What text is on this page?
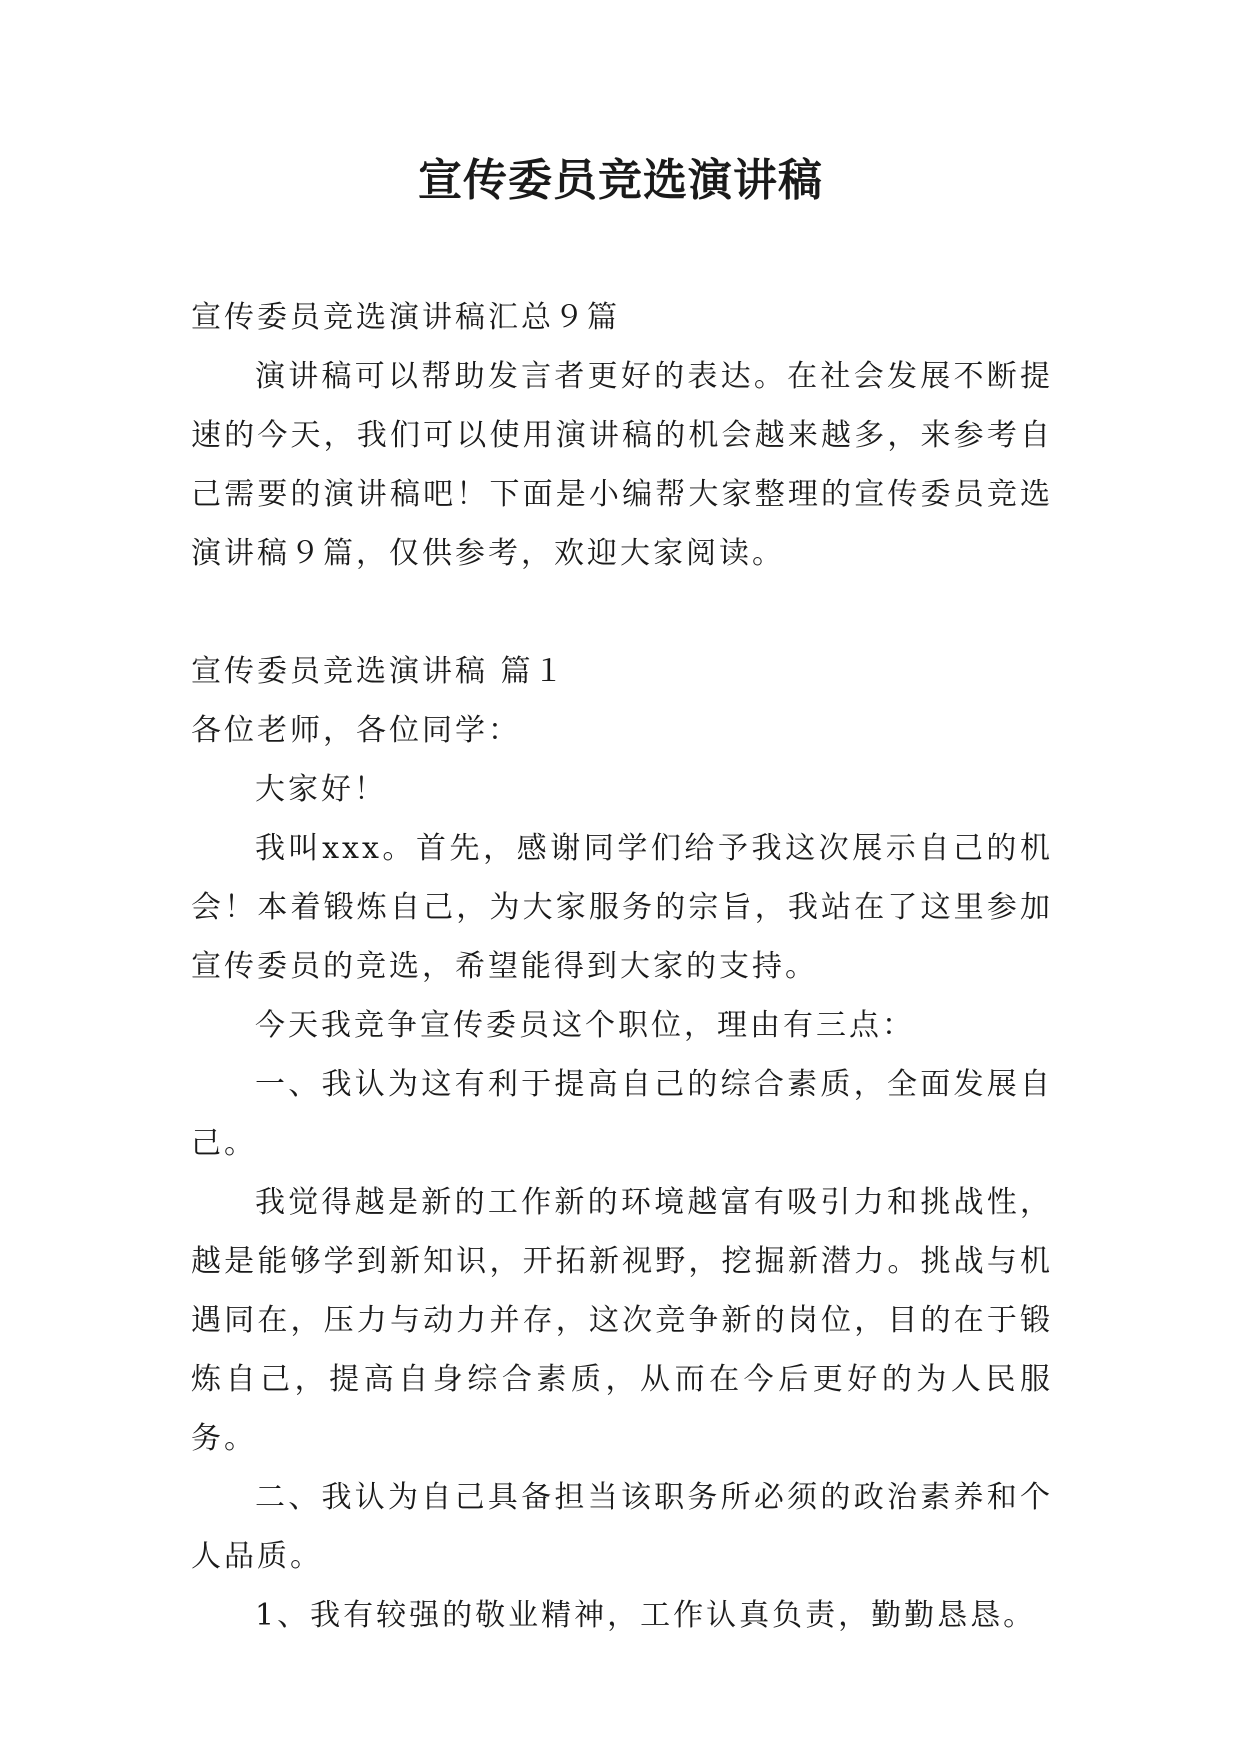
宣传委员竞选演讲稿

宣传委员竞选演讲稿汇总９篇

演讲稿可以帮助发言者更好的表达。在社会发展不断提速的今天，我们可以使用演讲稿的机会越来越多，来参考自己需要的演讲稿吧！下面是小编帮大家整理的宣传委员竞选演讲稿９篇，仅供参考，欢迎大家阅读。

宣传委员竞选演讲稿 篇１

各位老师，各位同学：

大家好！

我叫xxx。首先，感谢同学们给予我这次展示自己的机会！本着锻炼自己，为大家服务的宗旨，我站在了这里参加宣传委员的竞选，希望能得到大家的支持。

今天我竞争宣传委员这个职位，理由有三点：

一、我认为这有利于提高自己的综合素质，全面发展自己。

我觉得越是新的工作新的环境越富有吸引力和挑战性，越是能够学到新知识，开拓新视野，挖掘新潜力。挑战与机遇同在，压力与动力并存，这次竞争新的岗位，目的在于锻炼自己，提高自身综合素质，从而在今后更好的为人民服务。

二、我认为自己具备担当该职务所必须的政治素养和个人品质。

1、我有较强的敬业精神，工作认真负责，勤勤恳恳。
